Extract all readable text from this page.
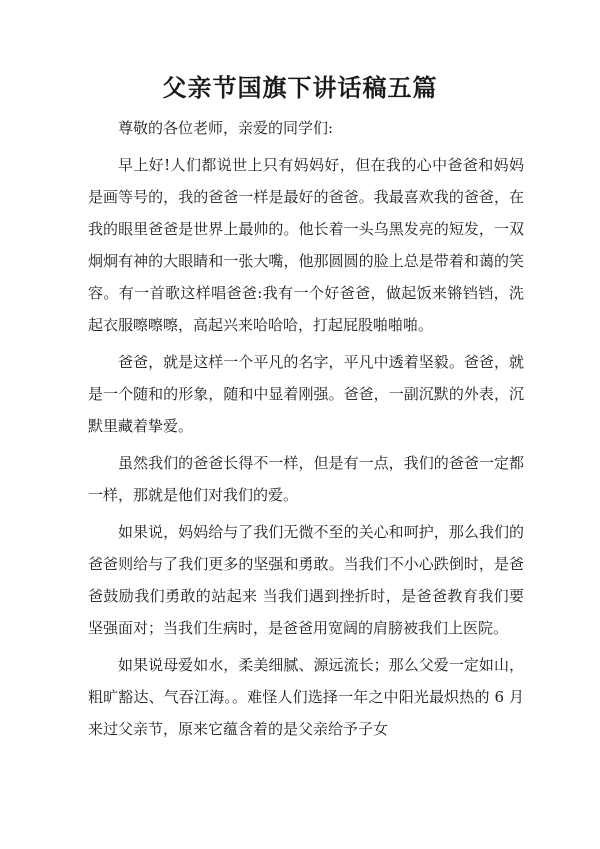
父亲节国旗下讲话稿五篇

尊敬的各位老师，亲爱的同学们:

早上好!人们都说世上只有妈妈好，但在我的心中爸爸和妈妈是画等号的，我的爸爸一样是最好的爸爸。我最喜欢我的爸爸，在我的眼里爸爸是世界上最帅的。他长着一头乌黑发亮的短发，一双炯炯有神的大眼睛和一张大嘴，他那圆圆的脸上总是带着和蔼的笑容。有一首歌这样唱爸爸:我有一个好爸爸，做起饭来锵铛铛，洗起衣服嚓嚓嚓，高起兴来哈哈哈，打起屁股啪啪啪。

爸爸，就是这样一个平凡的名字，平凡中透着坚毅。爸爸，就是一个随和的形象，随和中显着刚强。爸爸，一副沉默的外表，沉默里藏着挚爱。

虽然我们的爸爸长得不一样，但是有一点，我们的爸爸一定都一样，那就是他们对我们的爱。

如果说，妈妈给与了我们无微不至的关心和呵护，那么我们的爸爸则给与了我们更多的坚强和勇敢。当我们不小心跌倒时，是爸爸鼓励我们勇敢的站起来 当我们遇到挫折时，是爸爸教育我们要坚强面对；当我们生病时，是爸爸用宽阔的肩膀被我们上医院。

如果说母爱如水，柔美细腻、源远流长；那么父爱一定如山，粗旷豁达、气吞江海。。难怪人们选择一年之中阳光最炽热的 6 月来过父亲节，原来它蕴含着的是父亲给予子女
